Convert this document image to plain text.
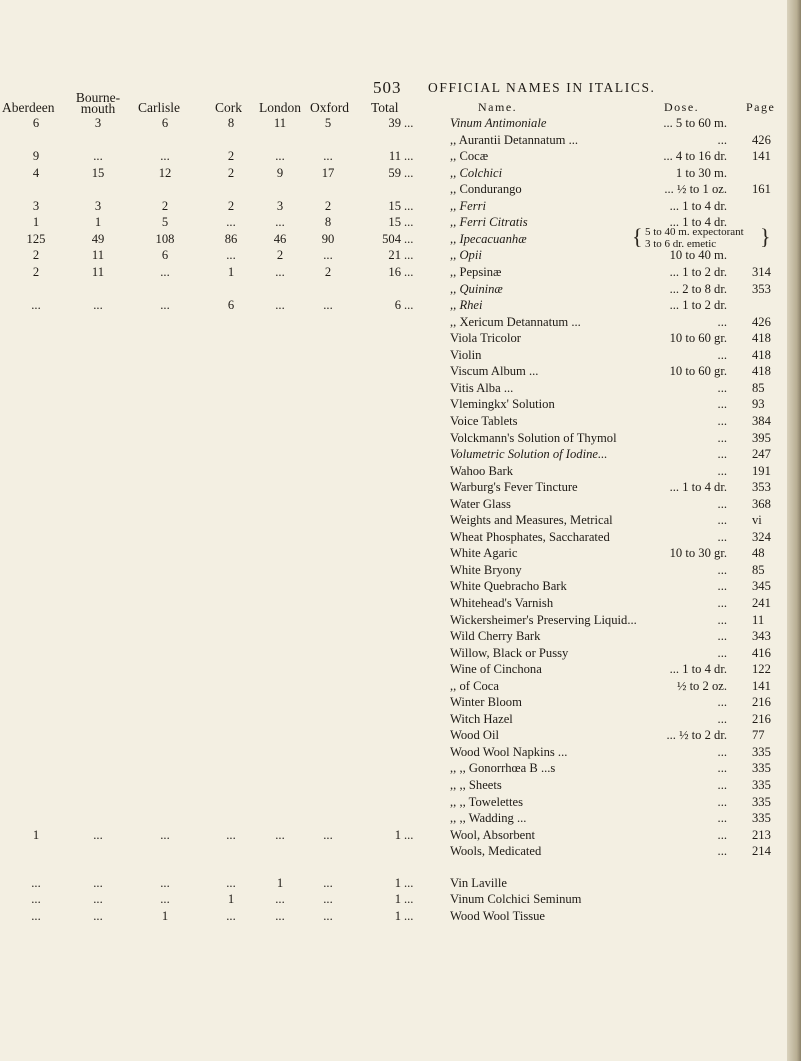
503 OFFICIAL NAMES IN ITALICS.
Aberdeen
Bourne-
mouth	Carlisle	Cork London Oxford Total	Name.	Dose.	Page
6	3	6	8	11	5	39 ...	Vinum Antimoniale	... 5 to 60 m.
,, Aurantii Detannatum ...	... 426
9	...	...	2	...	...	11 ...	,, Cocæ	... 4 to 16 dr. 141
4	15	12	2	9	17	59 ...	,, Colchici	1 to 30 m.
,, Condurango	... ½ to 1 oz. 161
3	3	2	2	3	2	15 ...	,, Ferri	... 1 to 4 dr.
1	1	5	...	...	8	15 ...	,, Ferri Citratis	... 1 to 4 dr.
125	49	108	86	46	90	504 ...	,, Ipecacuanhæ	{ 5 to 40 m. expectorant
3 to 6 dr. emetic	}
2	11	6	...	2	...	21 ...	,, Opii	10 to 40 m.
2	11	...	1	...	2	16 ...	,, Pepsinæ	... 1 to 2 dr. 314
,, Quininæ	... 2 to 8 dr. 353
...	...	...	6	...	...	6 ...	,, Rhei	... 1 to 2 dr.
,, Xericum Detannatum ...	... 426
Viola Tricolor	10 to 60 gr. 418
Violin	... 418
Viscum Album ...	10 to 60 gr. 418
Vitis Alba ...	... 85
Vlemingkx' Solution	... 93
Voice Tablets	... 384
Volckmann's Solution of Thymol	... 395
Volumetric Solution of Iodine...	... 247
Wahoo Bark	... 191
Warburg's Fever Tincture	... 1 to 4 dr. 353
Water Glass	... 368
Weights and Measures, Metrical	... vi
Wheat Phosphates, Saccharated	... 324
White Agaric	10 to 30 gr. 48
White Bryony	... 85
White Quebracho Bark	... 345
Whitehead's Varnish	... 241
Wickersheimer's Preserving Liquid...	... 11
Wild Cherry Bark	... 343
Willow, Black or Pussy	... 416
Wine of Cinchona	... 1 to 4 dr. 122
,, of Coca	½ to 2 oz. 141
Winter Bloom	... 216
Witch Hazel	... 216
Wood Oil	... ½ to 2 dr. 77
Wood Wool Napkins ...	... 335
,, ,, Gonorrhœa B ...s	... 335
,, ,, Sheets	... 335
,, ,, Towelettes	... 335
,, ,, Wadding ...	... 335
1	...	...	...	...	...	1 ...	Wool, Absorbent	... 213
Wools, Medicated	... 214
...	...	...	...	1	...	1 ...	Vin Laville
...	...	...	1	...	...	1 ...	Vinum Colchici Seminum
...	...	1	...	...	...	1 ...	Wood Wool Tissue
